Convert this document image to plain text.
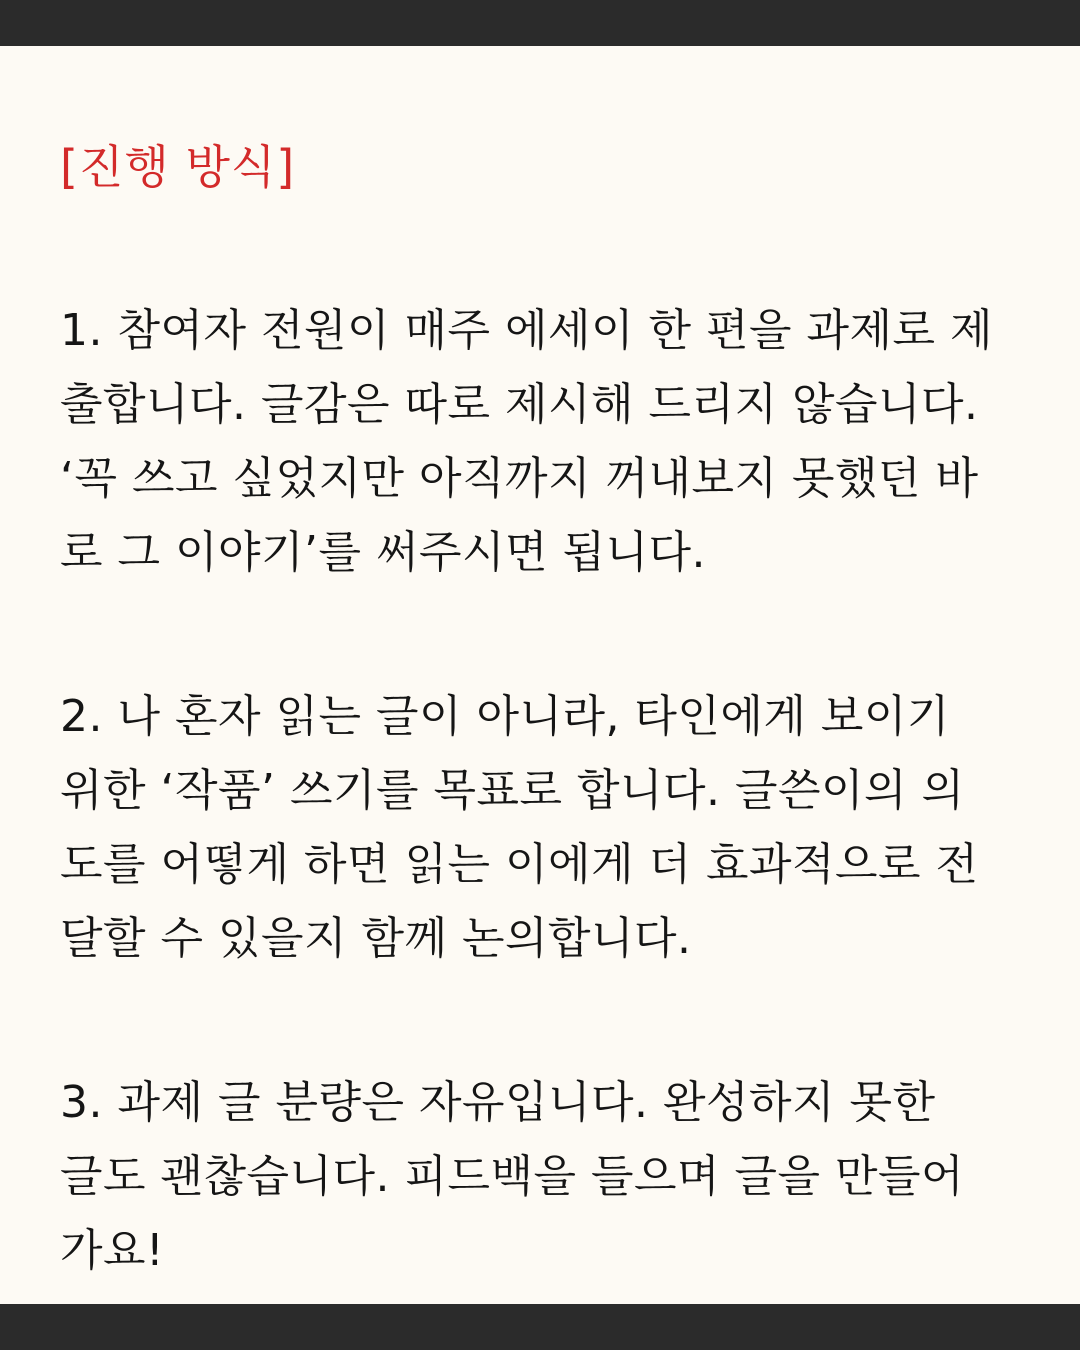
[진행 방식]
1. 참여자 전원이 매주 에세이 한 편을 과제로 제
출합니다. 글감은 따로 제시해 드리지 않습니다.
‘꼭 쓰고 싶었지만 아직까지 꺼내보지 못했던 바
로 그 이야기’를 써주시면 됩니다.
2. 나 혼자 읽는 글이 아니라, 타인에게 보이기
위한 ‘작품’ 쓰기를 목표로 합니다. 글쓴이의 의
도를 어떻게 하면 읽는 이에게 더 효과적으로 전
달할 수 있을지 함께 논의합니다.
3. 과제 글 분량은 자유입니다. 완성하지 못한
글도 괜찮습니다. 피드백을 들으며 글을 만들어
가요!
